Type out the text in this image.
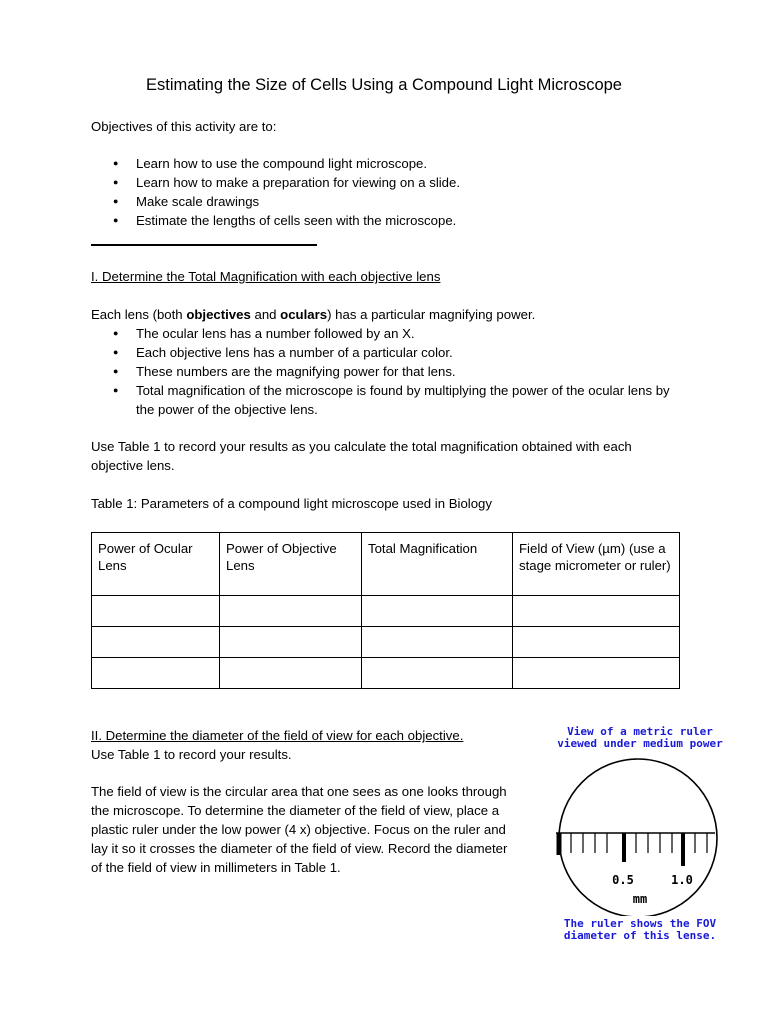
Estimating the Size of Cells Using a Compound Light Microscope
Objectives of this activity are to:
● Learn how to use the compound light microscope.
● Learn how to make a preparation for viewing on a slide.
● Make scale drawings
● Estimate the lengths of cells seen with the microscope.
I. Determine the Total Magnification with each objective lens
Each lens (both objectives and oculars) has a particular magnifying power.
● The ocular lens has a number followed by an X.
● Each objective lens has a number of a particular color.
● These numbers are the magnifying power for that lens.
● Total magnification of the microscope is found by multiplying the power of the ocular lens by the power of the objective lens.
Use Table 1 to record your results as you calculate the total magnification obtained with each
objective lens.
Table 1: Parameters of a compound light microscope used in Biology
Power of Ocular Lens	Power of Objective Lens	Total Magnification	Field of View (µm) (use a stage micrometer or ruler)

II. Determine the diameter of the field of view for each objective.
Use Table 1 to record your results.
The field of view is the circular area that one sees as one looks through
the microscope. To determine the diameter of the field of view, place a
plastic ruler under the low power (4 x) objective. Focus on the ruler and
lay it so it crosses the diameter of the field of view. Record the diameter
of the field of view in millimeters in Table 1.
View of a metric ruler
viewed under medium power
0.5	1.0
mm
The ruler shows the FOV
diameter of this lense.
